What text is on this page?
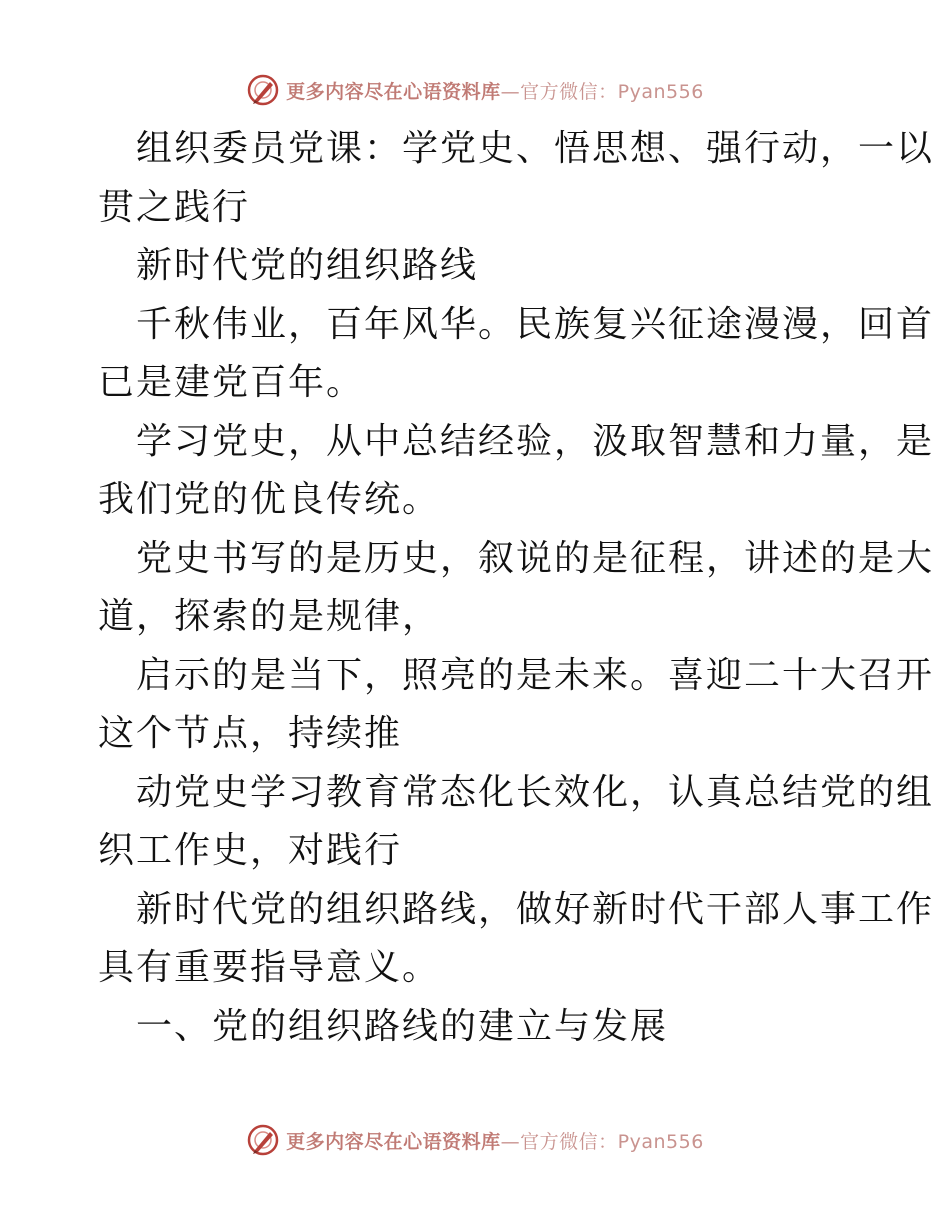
更多内容尽在心语资料库—官方微信：Pyan556
组织委员党课：学党史、悟思想、强行动，一以
贯之践行
新时代党的组织路线
千秋伟业，百年风华。民族复兴征途漫漫，回首
已是建党百年。
学习党史，从中总结经验，汲取智慧和力量，是
我们党的优良传统。
党史书写的是历史，叙说的是征程，讲述的是大
道，探索的是规律，
启示的是当下，照亮的是未来。喜迎二十大召开
这个节点，持续推
动党史学习教育常态化长效化，认真总结党的组
织工作史，对践行
新时代党的组织路线，做好新时代干部人事工作
具有重要指导意义。
一、党的组织路线的建立与发展
更多内容尽在心语资料库—官方微信：Pyan556
